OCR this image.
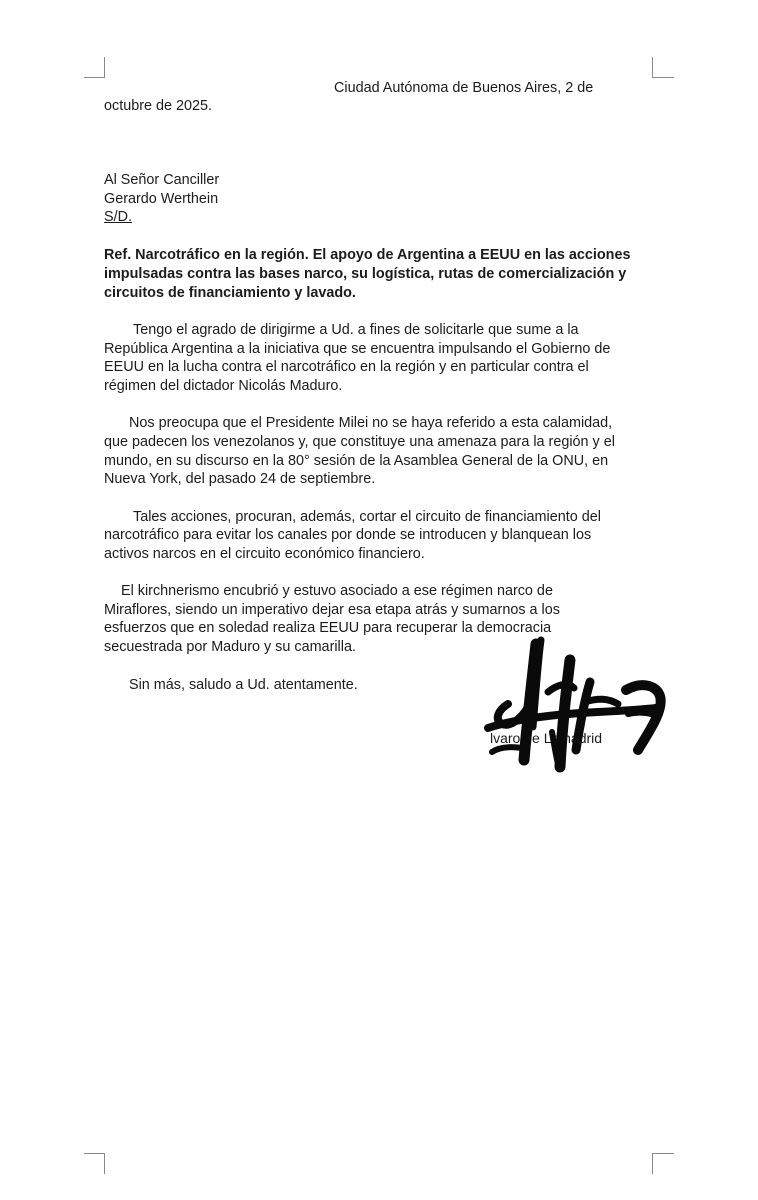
Ciudad Autónoma de Buenos Aires, 2 de
octubre de 2025.
Al Señor Canciller
Gerardo Werthein
S/D.
Ref. Narcotráfico en la región. El apoyo de Argentina a EEUU en las acciones
impulsadas contra las bases narco, su logística, rutas de comercialización y
circuitos de financiamiento y lavado.
Tengo el agrado de dirigirme a Ud. a fines de solicitarle que sume a la
República Argentina a la iniciativa que se encuentra impulsando el Gobierno de
EEUU en la lucha contra el narcotráfico en la región y en particular contra el
régimen del dictador Nicolás Maduro.
Nos preocupa que el Presidente Milei no se haya referido a esta calamidad,
que padecen los venezolanos y, que constituye una amenaza para la región y el
mundo, en su discurso en la 80° sesión de la Asamblea General de la ONU, en
Nueva York, del pasado 24 de septiembre.
Tales acciones, procuran, además, cortar el circuito de financiamiento del
narcotráfico para evitar los canales por donde se introducen y blanquean los
activos narcos en el circuito económico financiero.
El kirchnerismo encubrió y estuvo asociado a ese régimen narco de
Miraflores, siendo un imperativo dejar esa etapa atrás y sumarnos a los
esfuerzos que en soledad realiza EEUU para recuperar la democracia
secuestrada por Maduro y su camarilla.
Sin más, saludo a Ud. atentamente.
lvaro de Lamadrid
